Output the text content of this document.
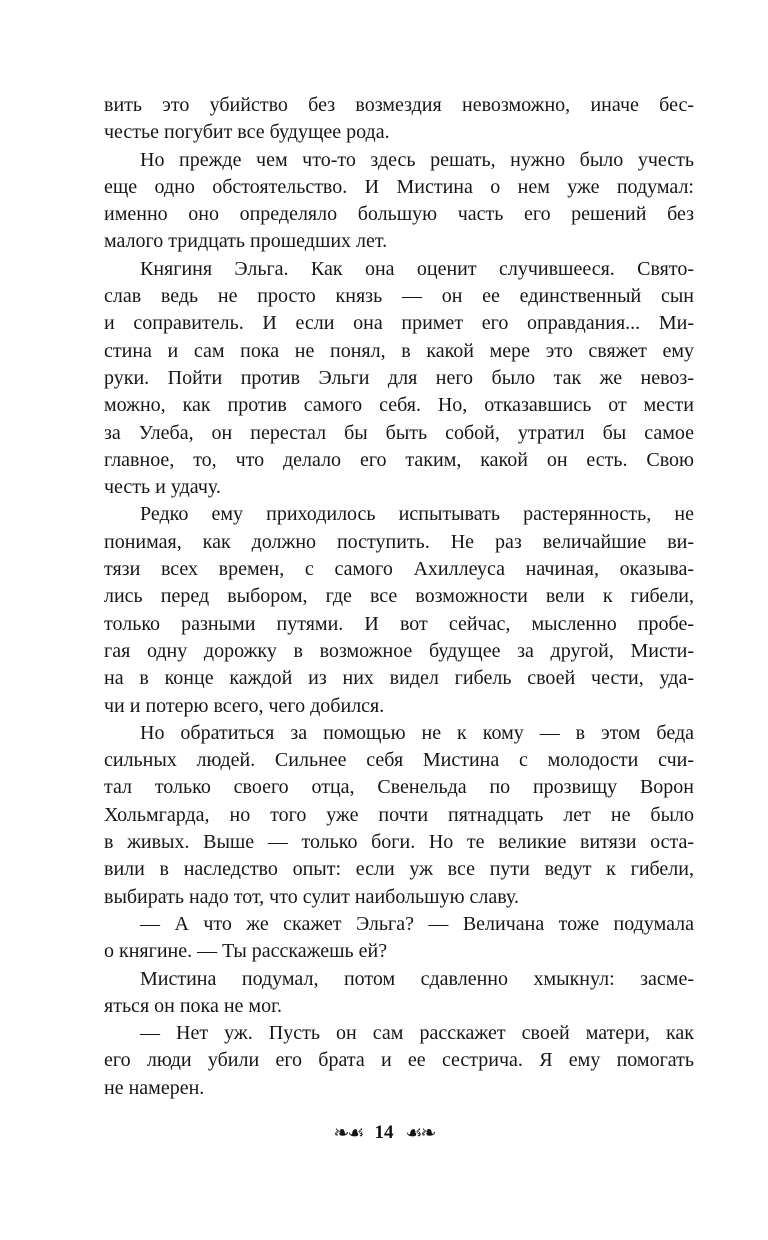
вить это убийство без возмездия невозможно, иначе бес-
честье погубит все будущее рода.

Но прежде чем что-то здесь решать, нужно было учесть
еще одно обстоятельство. И Мистина о нем уже подумал:
именно оно определяло большую часть его решений без
малого тридцать прошедших лет.

Княгиня Эльга. Как она оценит случившееся. Свято-
слав ведь не просто князь — он ее единственный сын
и соправитель. И если она примет его оправдания... Ми-
стина и сам пока не понял, в какой мере это свяжет ему
руки. Пойти против Эльги для него было так же невоз-
можно, как против самого себя. Но, отказавшись от мести
за Улеба, он перестал бы быть собой, утратил бы самое
главное, то, что делало его таким, какой он есть. Свою
честь и удачу.

Редко ему приходилось испытывать растерянность, не
понимая, как должно поступить. Не раз величайшие ви-
тязи всех времен, с самого Ахиллеуса начиная, оказыва-
лись перед выбором, где все возможности вели к гибели,
только разными путями. И вот сейчас, мысленно пробе-
гая одну дорожку в возможное будущее за другой, Мисти-
на в конце каждой из них видел гибель своей чести, уда-
чи и потерю всего, чего добился.

Но обратиться за помощью не к кому — в этом беда
сильных людей. Сильнее себя Мистина с молодости счи-
тал только своего отца, Свенельда по прозвищу Ворон
Хольмгарда, но того уже почти пятнадцать лет не было
в живых. Выше — только боги. Но те великие витязи оста-
вили в наследство опыт: если уж все пути ведут к гибели,
выбирать надо тот, что сулит наибольшую славу.

— А что же скажет Эльга? — Величана тоже подумала
о княгине. — Ты расскажешь ей?

Мистина подумал, потом сдавленно хмыкнул: засме-
яться он пока не мог.

— Нет уж. Пусть он сам расскажет своей матери, как
его люди убили его брата и ее сестрича. Я ему помогать
не намерен.

❧☙ 14 ☙❧
